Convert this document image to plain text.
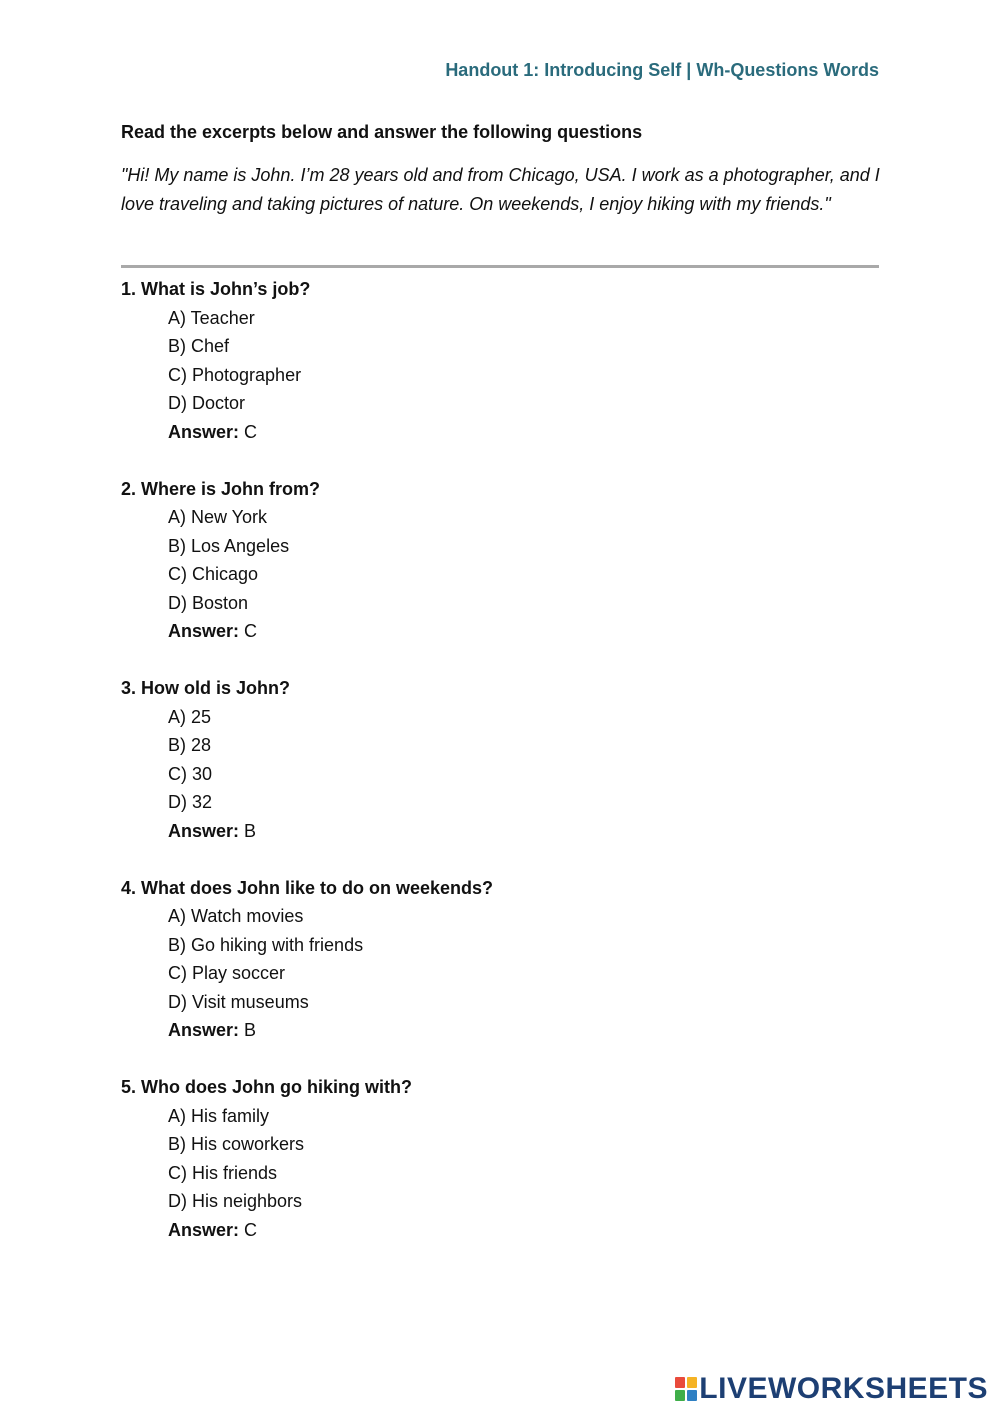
Handout 1: Introducing Self | Wh-Questions Words
Read the excerpts below and answer the following questions
"Hi! My name is John. I’m 28 years old and from Chicago, USA. I work as a photographer, and I love traveling and taking pictures of nature. On weekends, I enjoy hiking with my friends."
1. What is John’s job?
A) Teacher
B) Chef
C) Photographer
D) Doctor
Answer: C
2. Where is John from?
A) New York
B) Los Angeles
C) Chicago
D) Boston
Answer: C
3. How old is John?
A) 25
B) 28
C) 30
D) 32
Answer: B
4. What does John like to do on weekends?
A) Watch movies
B) Go hiking with friends
C) Play soccer
D) Visit museums
Answer: B
5. Who does John go hiking with?
A) His family
B) His coworkers
C) His friends
D) His neighbors
Answer: C
LIVEWORKSHEETS
